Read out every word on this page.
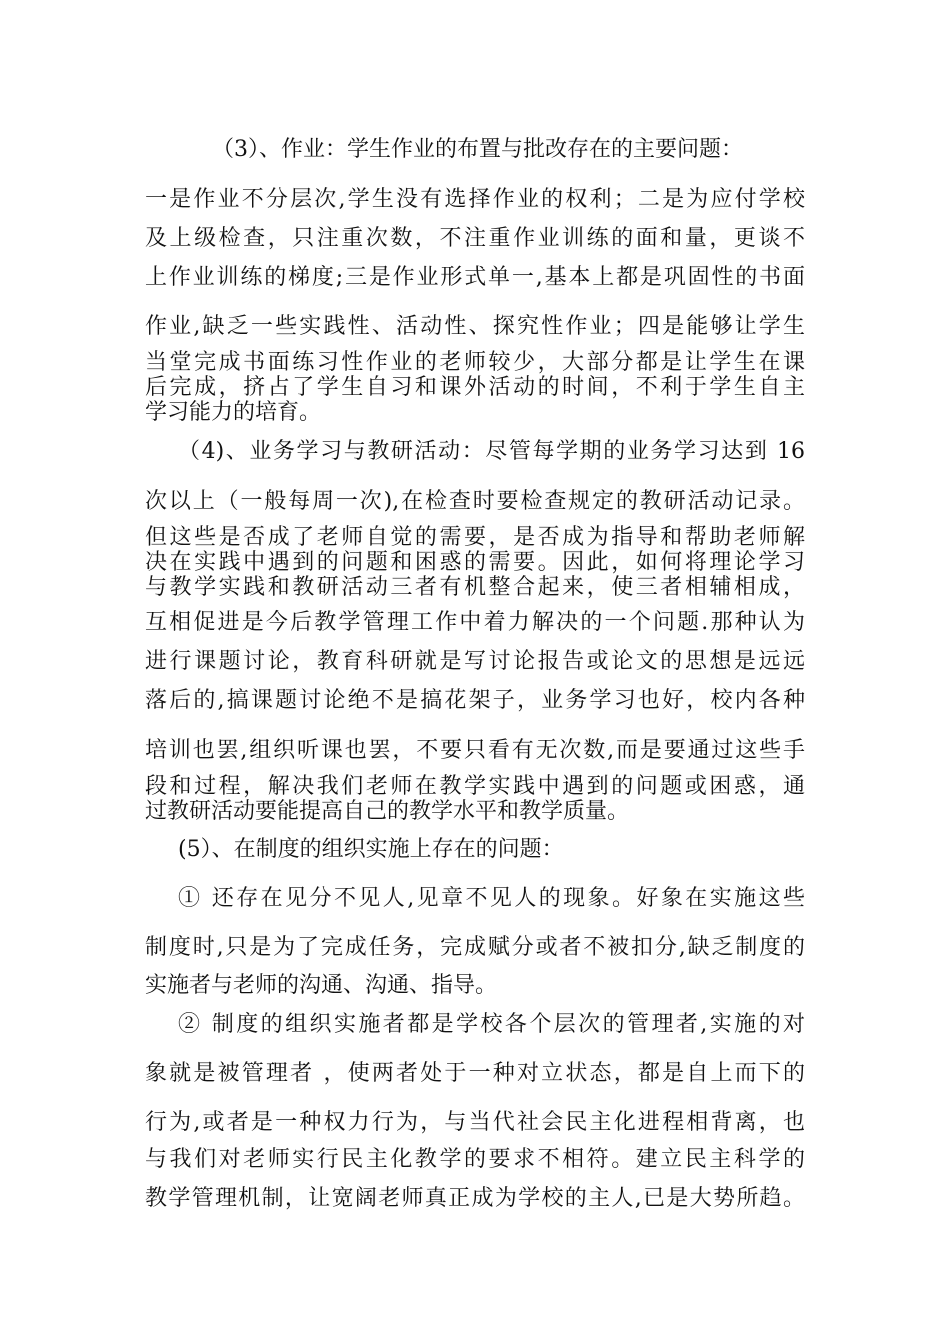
（3）、作业：学生作业的布置与批改存在的主要问题：
一是作业不分层次,学生没有选择作业的权利；二是为应付学校
及上级检查，只注重次数，不注重作业训练的面和量，更谈不
上作业训练的梯度;三是作业形式单一,基本上都是巩固性的书面
作业,缺乏一些实践性、活动性、探究性作业；四是能够让学生
当堂完成书面练习性作业的老师较少，大部分都是让学生在课
后完成，挤占了学生自习和课外活动的时间，不利于学生自主
学习能力的培育。
（4)、业务学习与教研活动：尽管每学期的业务学习达到 16
次以上（一般每周一次),在检查时要检查规定的教研活动记录。
但这些是否成了老师自觉的需要，是否成为指导和帮助老师解
决在实践中遇到的问题和困惑的需要。因此，如何将理论学习
与教学实践和教研活动三者有机整合起来，使三者相辅相成，
互相促进是今后教学管理工作中着力解决的一个问题.那种认为
进行课题讨论，教育科研就是写讨论报告或论文的思想是远远
落后的,搞课题讨论绝不是搞花架子，业务学习也好，校内各种
培训也罢,组织听课也罢，不要只看有无次数,而是要通过这些手
段和过程，解决我们老师在教学实践中遇到的问题或困惑，通
过教研活动要能提高自己的教学水平和教学质量。
(5）、在制度的组织实施上存在的问题：
① 还存在见分不见人,见章不见人的现象。好象在实施这些
制度时,只是为了完成任务，完成赋分或者不被扣分,缺乏制度的
实施者与老师的沟通、沟通、指导。
② 制度的组织实施者都是学校各个层次的管理者,实施的对
象就是被管理者 ，使两者处于一种对立状态，都是自上而下的
行为,或者是一种权力行为，与当代社会民主化进程相背离，也
与我们对老师实行民主化教学的要求不相符。建立民主科学的
教学管理机制，让宽阔老师真正成为学校的主人,已是大势所趋。
